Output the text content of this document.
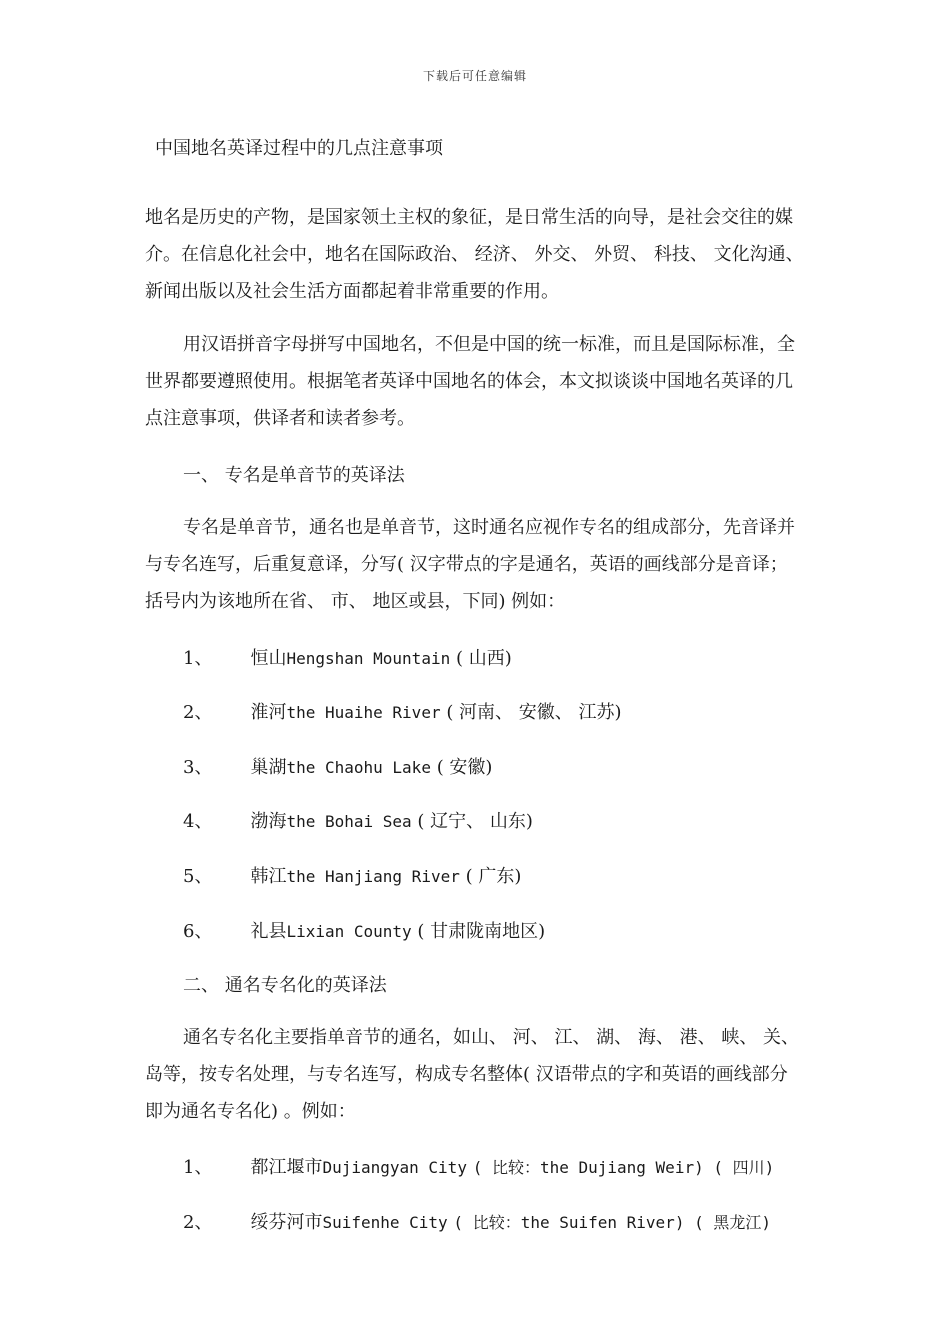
下载后可任意编辑
中国地名英译过程中的几点注意事项

地名是历史的产物，是国家领土主权的象征，是日常生活的向导，是社会交往的媒介。在信息化社会中，地名在国际政治、 经济、 外交、 外贸、 科技、 文化沟通、 新闻出版以及社会生活方面都起着非常重要的作用。

用汉语拼音字母拼写中国地名，不但是中国的统一标准，而且是国际标准，全世界都要遵照使用。根据笔者英译中国地名的体会，本文拟谈谈中国地名英译的几点注意事项，供译者和读者参考。

一、 专名是单音节的英译法

专名是单音节，通名也是单音节，这时通名应视作专名的组成部分，先音译并与专名连写，后重复意译，分写( 汉字带点的字是通名，英语的画线部分是音译；括号内为该地所在省、 市、 地区或县，下同) 例如：

1、 恒山Hengshan Mountain ( 山西)
2、 淮河the Huaihe River ( 河南、 安徽、 江苏)
3、 巢湖the Chaohu Lake ( 安徽)
4、 渤海the Bohai Sea ( 辽宁、 山东)
5、 韩江the Hanjiang River ( 广东)
6、 礼县Lixian County ( 甘肃陇南地区)
二、 通名专名化的英译法

通名专名化主要指单音节的通名，如山、 河、 江、 湖、 海、 港、 峡、 关、 岛等，按专名处理，与专名连写，构成专名整体( 汉语带点的字和英语的画线部分即为通名专名化) 。例如：

1、 都江堰市Dujiangyan City ( 比较：the Dujiang Weir) ( 四川)
2、 绥芬河市Suifenhe City ( 比较：the Suifen River) ( 黑龙江)
